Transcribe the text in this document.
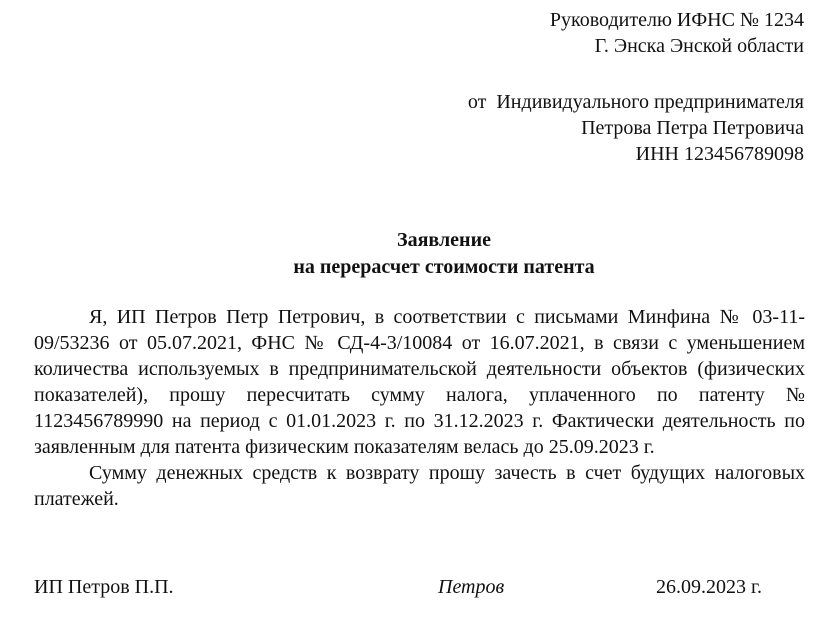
Руководителю ИФНС № 1234
Г. Энска Энской области
от  Индивидуального предпринимателя
Петрова Петра Петровича
ИНН 123456789098
Заявление
на перерасчет стоимости патента

Я, ИП Петров Петр Петрович, в соответствии с письмами Минфина № 03-11-09/53236 от 05.07.2021, ФНС № СД-4-3/10084 от 16.07.2021, в связи с уменьшением количества используемых в предпринимательской деятельности объектов (физических показателей), прошу пересчитать сумму налога, уплаченного по патенту № 1123456789990 на период с 01.01.2023 г. по 31.12.2023 г. Фактически деятельность по заявленным для патента физическим показателям велась до 25.09.2023 г.

Сумму денежных средств к возврату прошу зачесть в счет будущих налоговых платежей.

ИП Петров П.П.	Петров	26.09.2023 г.
